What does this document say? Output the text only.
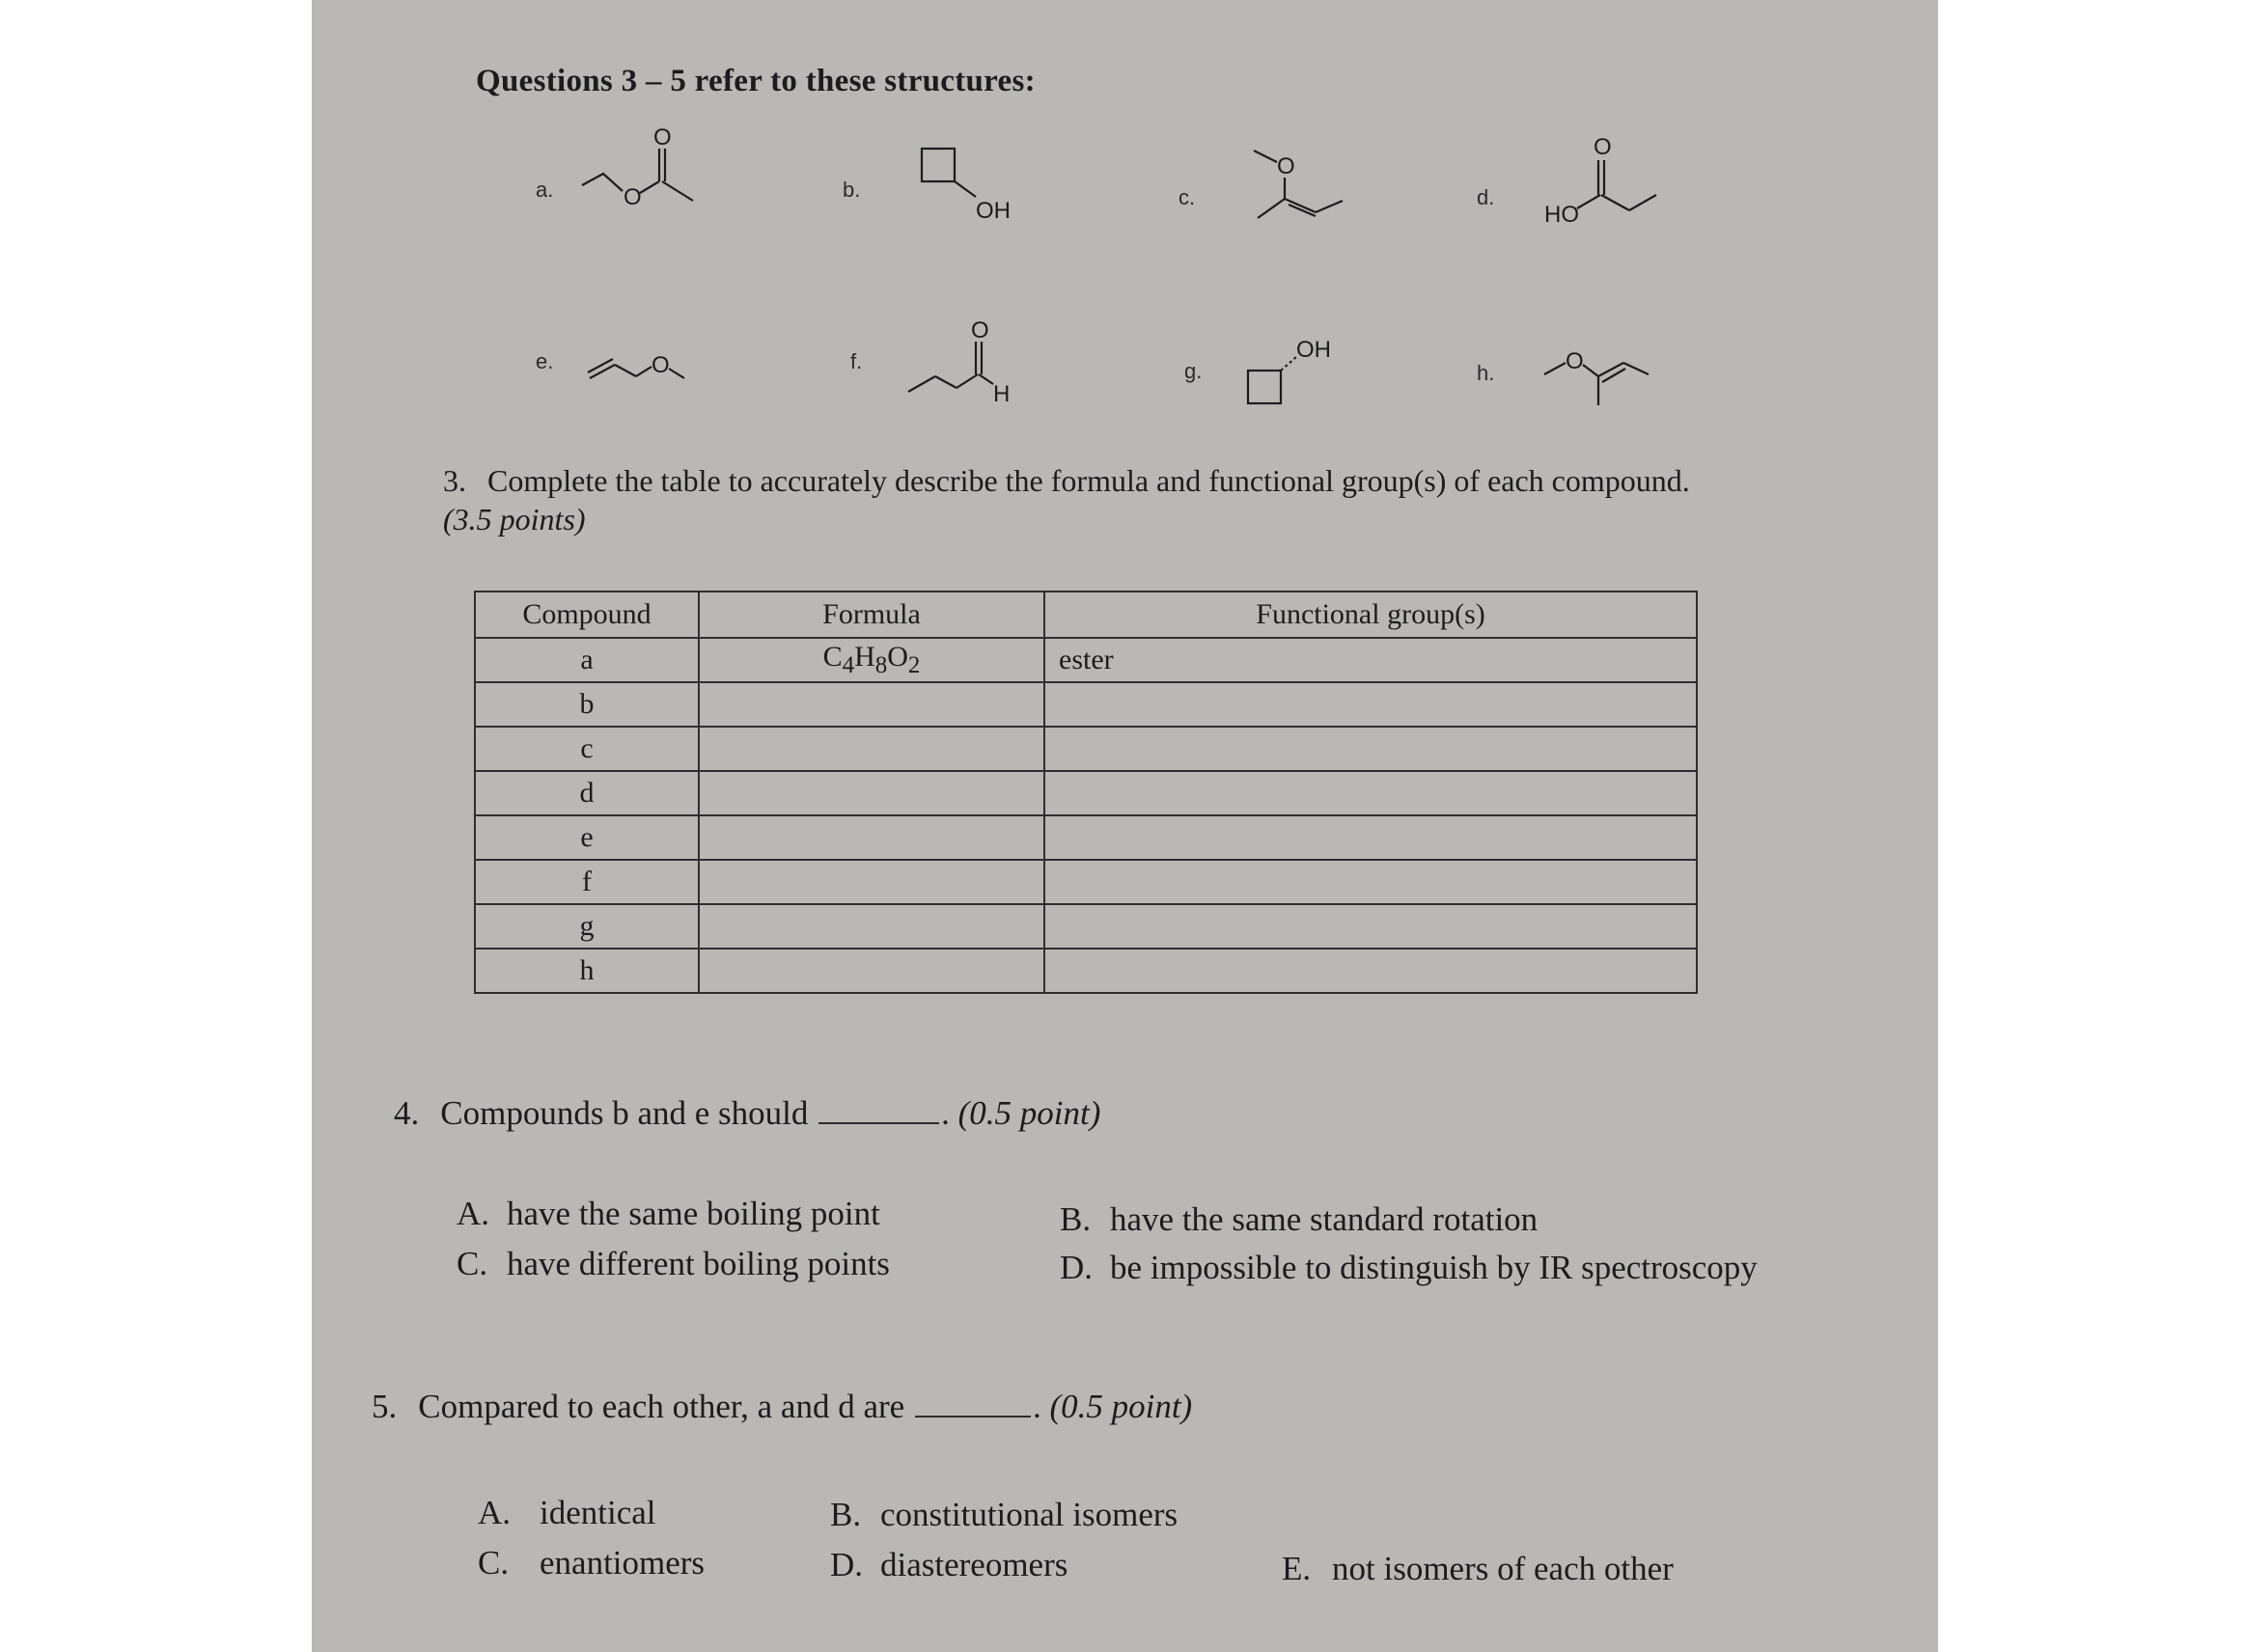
Questions 3 – 5 refer to these structures:
a.	O
O
b.
OH
c.
O
d.
HO
O
e.	O	f.
O
H
g.
OH
h.	O
3. Complete the table to accurately describe the formula and functional group(s) of each compound.
(3.5 points)
Compound	Formula	Functional group(s)
a	$C_4H_8O_2$	ester
b		
c		
d		
e		
f		
g		
h		
4. Compounds b and e should	. (0.5 point)
A. have the same boiling point	B. have the same standard rotation
C. have different boiling points	D. be impossible to distinguish by IR spectroscopy
5. Compared to each other, a and d are	. (0.5 point)
A. identical	B. constitutional isomers
C. enantiomers	D. diastereomers	E. not isomers of each other
